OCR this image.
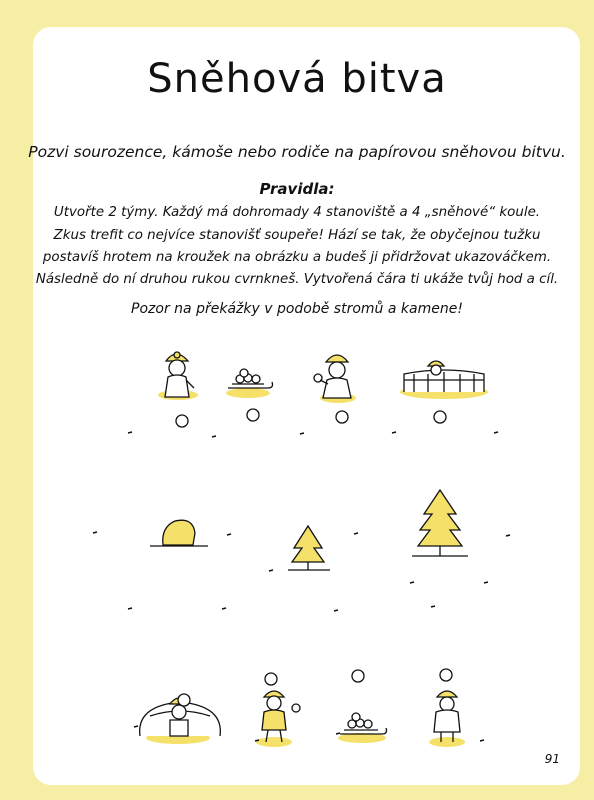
Sněhová bitva
Pozvi sourozence, kámoše nebo rodiče na papírovou sněhovou bitvu.
Pravidla:
Utvořte 2 týmy. Každý má dohromady 4 stanoviště a 4 „sněhové“ koule.
Zkus trefit co nejvíce stanovišť soupeře! Hází se tak, že obyčejnou tužku
postavíš hrotem na kroužek na obrázku a budeš ji přidržovat ukazováčkem.
Následně do ní druhou rukou cvrnkneš. Vytvořená čára ti ukáže tvůj hod a cíl.
Pozor na překážky v podobě stromů a kamene!
91
